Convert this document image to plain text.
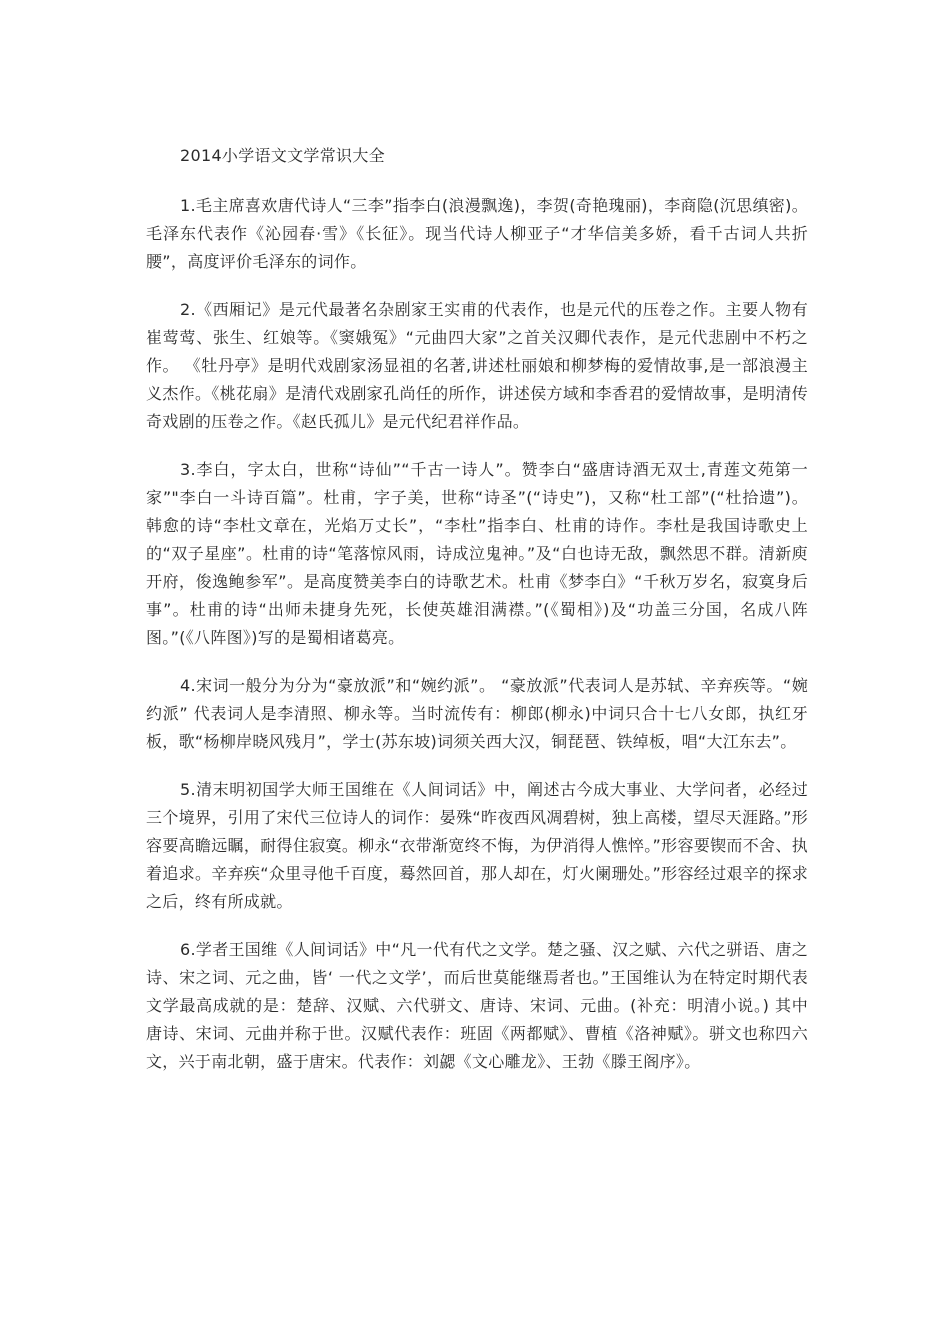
2014小学语文文学常识大全

1.毛主席喜欢唐代诗人“三李”指李白(浪漫飘逸)，李贺(奇艳瑰丽)，李商隐(沉思缜密)。毛泽东代表作《沁园春·雪》《长征》。现当代诗人柳亚子“才华信美多娇，看千古词人共折腰”，高度评价毛泽东的词作。

2.《西厢记》是元代最著名杂剧家王实甫的代表作，也是元代的压卷之作。主要人物有崔莺莺、张生、红娘等。《窦娥冤》“元曲四大家”之首关汉卿代表作，是元代悲剧中不朽之作。 《牡丹亭》是明代戏剧家汤显祖的名著,讲述杜丽娘和柳梦梅的爱情故事,是一部浪漫主义杰作。《桃花扇》是清代戏剧家孔尚任的所作，讲述侯方域和李香君的爱情故事，是明清传奇戏剧的压卷之作。《赵氏孤儿》是元代纪君祥作品。

3.李白，字太白，世称“诗仙”“千古一诗人”。赞李白“盛唐诗酒无双士,青莲文苑第一家”"李白一斗诗百篇”。杜甫，字子美，世称“诗圣”(“诗史”)，又称“杜工部”(“杜拾遗”)。 韩愈的诗“李杜文章在，光焰万丈长”，“李杜”指李白、杜甫的诗作。李杜是我国诗歌史上的“双子星座”。杜甫的诗“笔落惊风雨，诗成泣鬼神。”及“白也诗无敌，飘然思不群。清新庾开府，俊逸鲍参军”。是高度赞美李白的诗歌艺术。杜甫《梦李白》“千秋万岁名，寂寞身后事”。杜甫的诗“出师未捷身先死，长使英雄泪满襟。”(《蜀相》)及“功盖三分国，名成八阵图。”(《八阵图》)写的是蜀相诸葛亮。

4.宋词一般分为分为“豪放派”和“婉约派”。 “豪放派”代表词人是苏轼、辛弃疾等。“婉约派” 代表词人是李清照、柳永等。当时流传有：柳郎(柳永)中词只合十七八女郎，执红牙板，歌“杨柳岸晓风残月”，学士(苏东坡)词须关西大汉，铜琵琶、铁绰板，唱“大江东去”。

5.清末明初国学大师王国维在《人间词话》中，阐述古今成大事业、大学问者，必经过三个境界，引用了宋代三位诗人的词作：晏殊“昨夜西风凋碧树，独上高楼，望尽天涯路。”形容要高瞻远瞩，耐得住寂寞。柳永“衣带渐宽终不悔，为伊消得人憔悴。”形容要锲而不舍、执着追求。辛弃疾“众里寻他千百度，蓦然回首，那人却在，灯火阑珊处。”形容经过艰辛的探求之后，终有所成就。

6.学者王国维《人间词话》中“凡一代有代之文学。楚之骚、汉之赋、六代之骈语、唐之诗、宋之词、元之曲，皆‘ 一代之文学’，而后世莫能继焉者也。”王国维认为在特定时期代表文学最高成就的是：楚辞、汉赋、六代骈文、唐诗、宋词、元曲。(补充：明清小说。) 其中唐诗、宋词、元曲并称于世。汉赋代表作：班固《两都赋》、曹植《洛神赋》。骈文也称四六文，兴于南北朝，盛于唐宋。代表作：刘勰《文心雕龙》、王勃《滕王阁序》。
